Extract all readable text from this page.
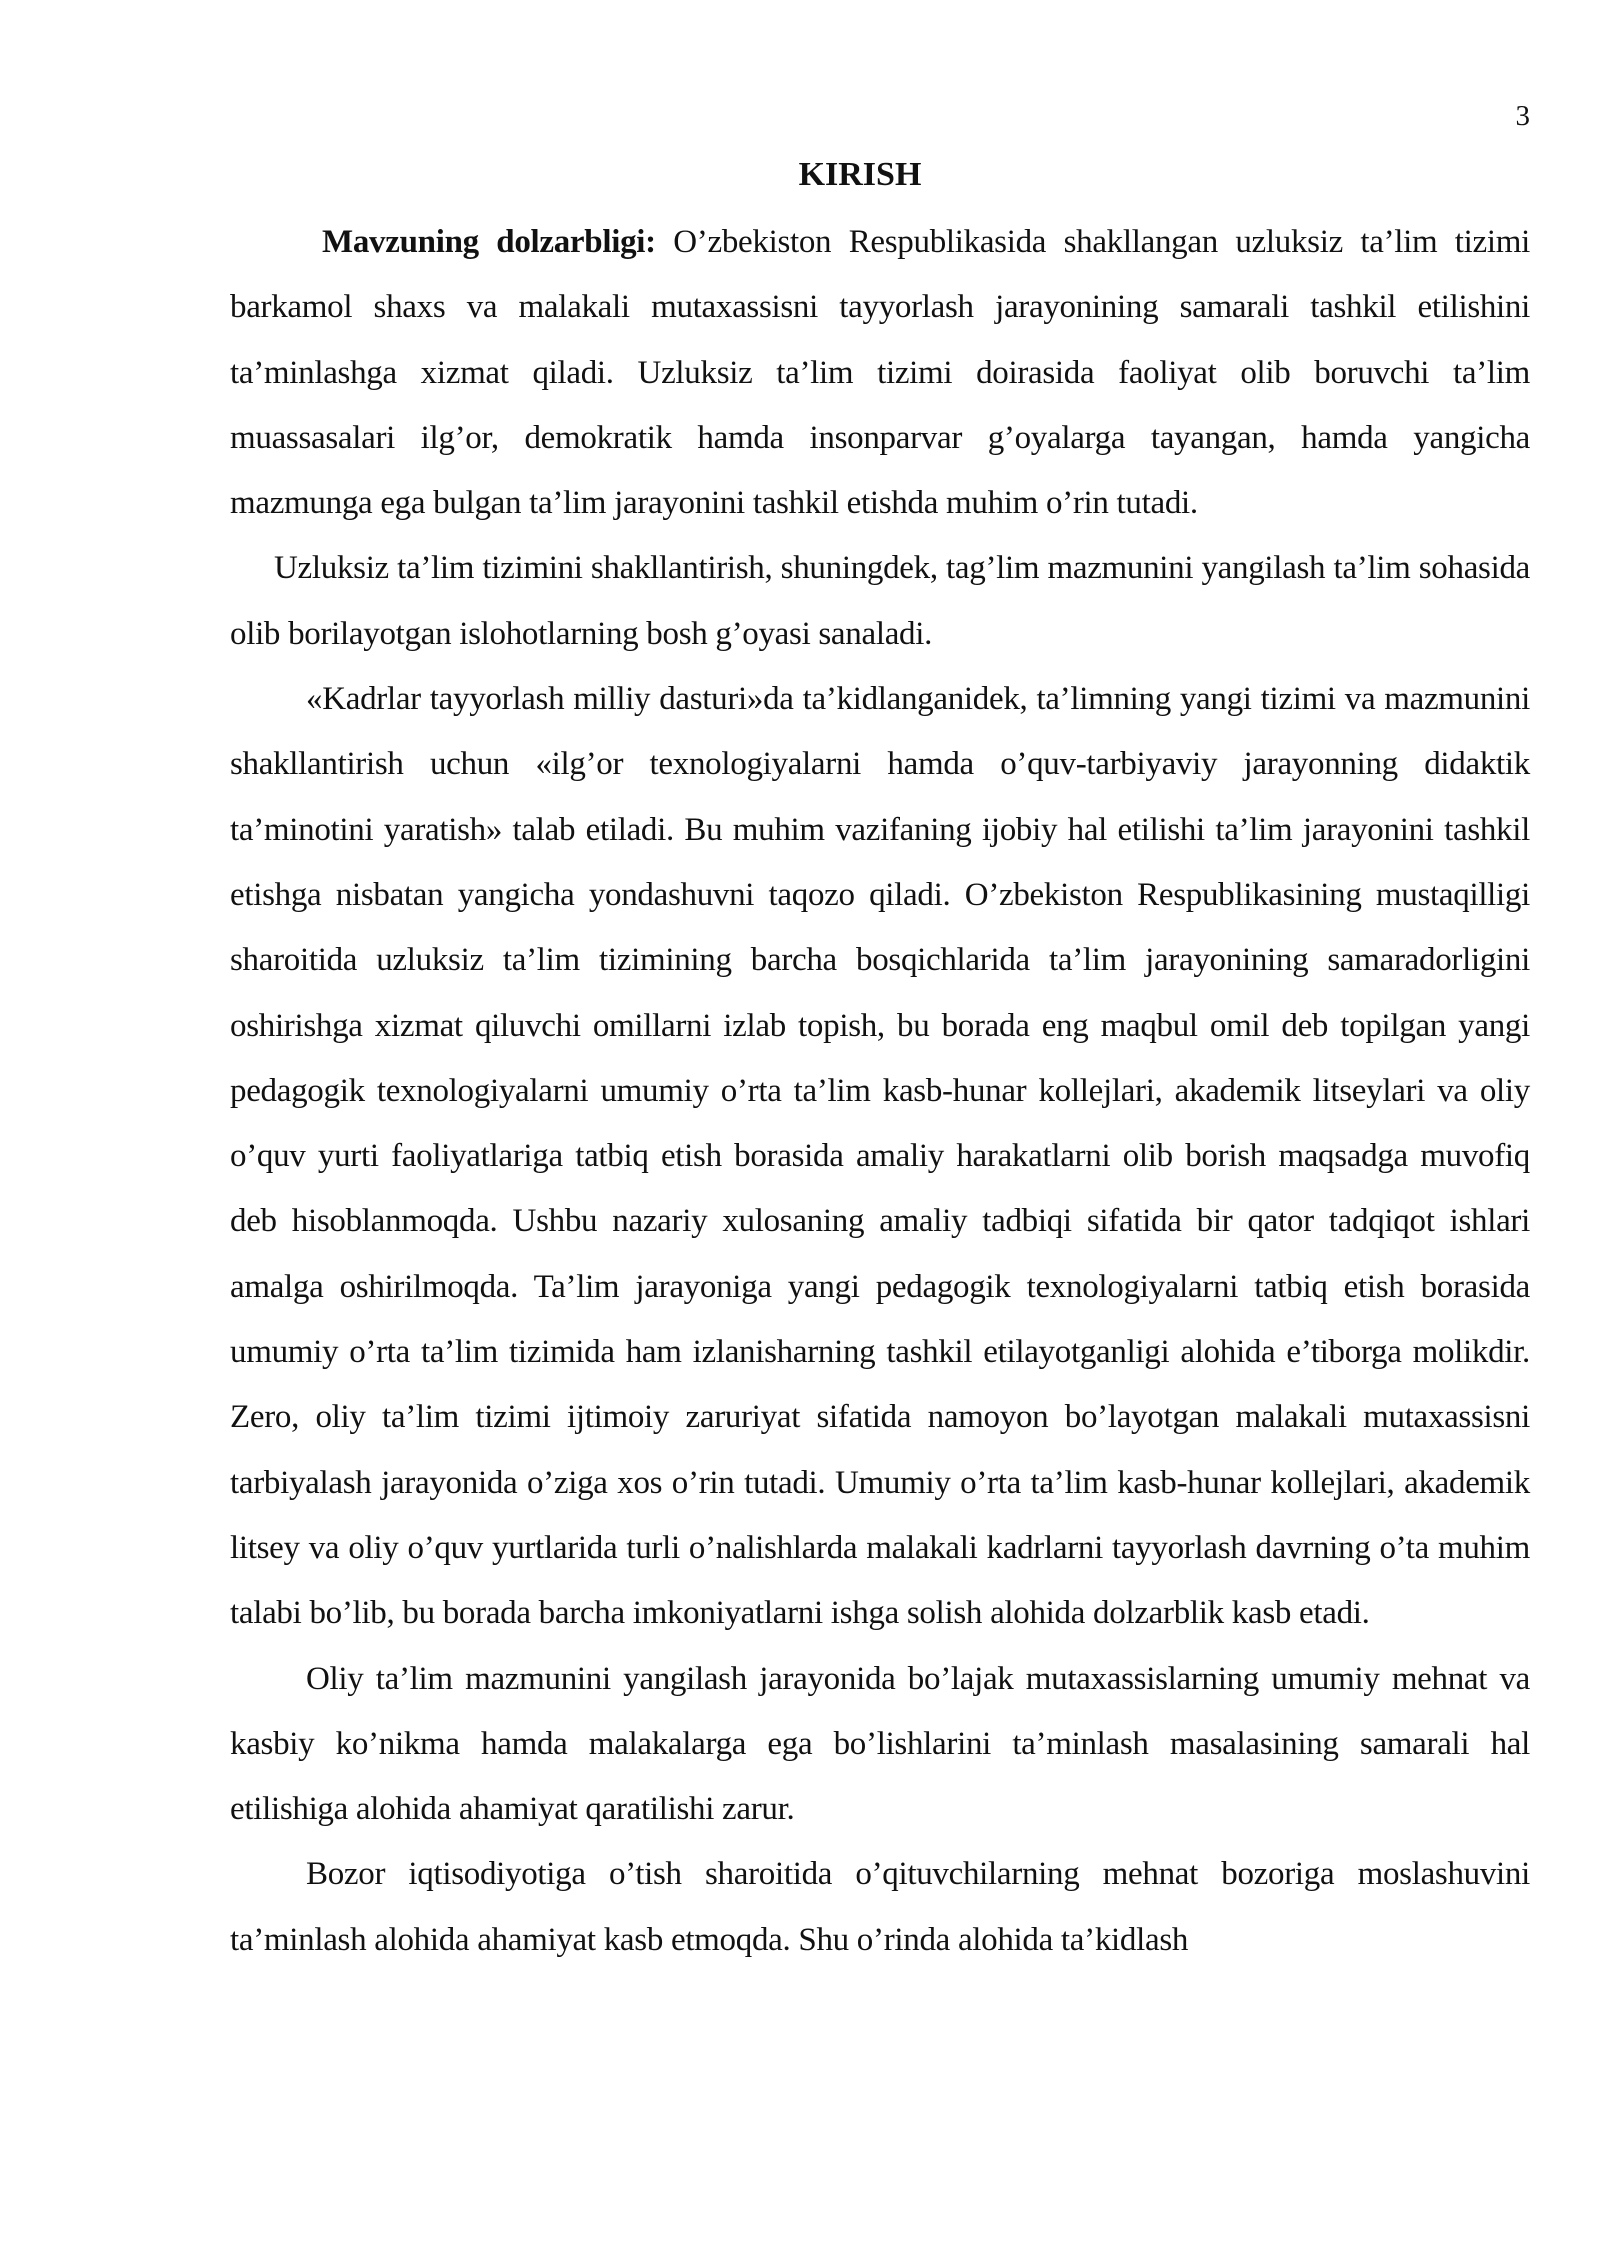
3
KIRISH

Mavzuning dolzarbligi: O’zbekiston Respublikasida shakllangan uzluksiz ta’lim tizimi barkamol shaxs va malakali mutaxassisni tayyorlash jarayonining samarali tashkil etilishini ta’minlashga xizmat qiladi. Uzluksiz ta’lim tizimi doirasida faoliyat olib boruvchi ta’lim muassasalari ilg’or, demokratik hamda insonparvar g’oyalarga tayangan, hamda yangicha mazmunga ega bulgan ta’lim jarayonini tashkil etishda muhim o’rin tutadi.

Uzluksiz ta’lim tizimini shakllantirish, shuningdek, tag’lim mazmunini yangilash ta’lim sohasida olib borilayotgan islohotlarning bosh g’oyasi sanaladi.

«Kadrlar tayyorlash milliy dasturi»da ta’kidlanganidek, ta’limning yangi tizimi va mazmunini shakllantirish uchun «ilg’or texnologiyalarni hamda o’quv-tarbiyaviy jarayonning didaktik ta’minotini yaratish» talab etiladi. Bu muhim vazifaning ijobiy hal etilishi ta’lim jarayonini tashkil etishga nisbatan yangicha yondashuvni taqozo qiladi. O’zbekiston Respublikasining mustaqilligi sharoitida uzluksiz ta’lim tizimining barcha bosqichlarida ta’lim jarayonining samaradorligini oshirishga xizmat qiluvchi omillarni izlab topish, bu borada eng maqbul omil deb topilgan yangi pedagogik texnologiyalarni umumiy o’rta ta’lim kasb-hunar kollejlari, akademik litseylari va oliy o’quv yurti faoliyatlariga tatbiq etish borasida amaliy harakatlarni olib borish maqsadga muvofiq deb hisoblanmoqda. Ushbu nazariy xulosaning amaliy tadbiqi sifatida bir qator tadqiqot ishlari amalga oshirilmoqda. Ta’lim jarayoniga yangi pedagogik texnologiyalarni tatbiq etish borasida umumiy o’rta ta’lim tizimida ham izlanisharning tashkil etilayotganligi alohida e’tiborga molikdir. Zero, oliy ta’lim tizimi ijtimoiy zaruriyat sifatida namoyon bo’layotgan malakali mutaxassisni tarbiyalash jarayonida o’ziga xos o’rin tutadi. Umumiy o’rta ta’lim kasb-hunar kollejlari, akademik litsey va oliy o’quv yurtlarida turli o’nalishlarda malakali kadrlarni tayyorlash davrning o’ta muhim talabi bo’lib, bu borada barcha imkoniyatlarni ishga solish alohida dolzarblik kasb etadi.

Oliy ta’lim mazmunini yangilash jarayonida bo’lajak mutaxassislarning umumiy mehnat va kasbiy ko’nikma hamda malakalarga ega bo’lishlarini ta’minlash masalasining samarali hal etilishiga alohida ahamiyat qaratilishi zarur.

Bozor iqtisodiyotiga o’tish sharoitida o’qituvchilarning mehnat bozoriga moslashuvini ta’minlash alohida ahamiyat kasb etmoqda. Shu o’rinda alohida ta’kidlash
